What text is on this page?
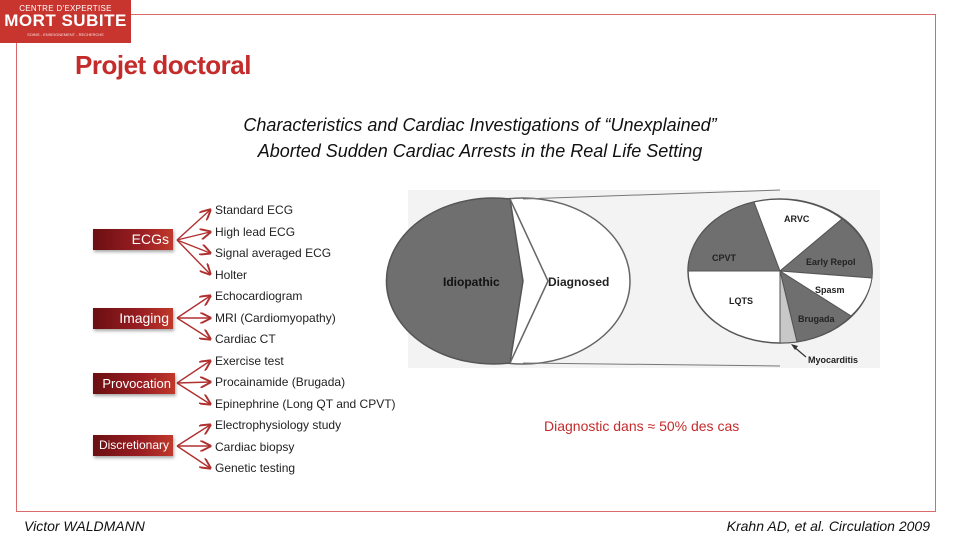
CENTRE D'EXPERTISE
MORT SUBITE
SOINS - ENSEIGNEMENT - RECHERCHE
Projet doctoral
Characteristics and Cardiac Investigations of “Unexplained”
Aborted Sudden Cardiac Arrests in the Real Life Setting
ECGs
Imaging
Provocation
Discretionary
Standard ECG
High lead ECG
Signal averaged ECG
Holter
Echocardiogram
MRI (Cardiomyopathy)
Cardiac CT
Exercise test
Procainamide (Brugada)
Epinephrine (Long QT and CPVT)
Electrophysiology study
Cardiac biopsy
Genetic testing
Idiopathic	Diagnosed
ARVC
CPVT	Early Repol
LQTS
Spasm
Brugada
Myocarditis
Diagnostic dans ≈ 50% des cas
Victor WALDMANN	Krahn AD, et al. Circulation 2009
